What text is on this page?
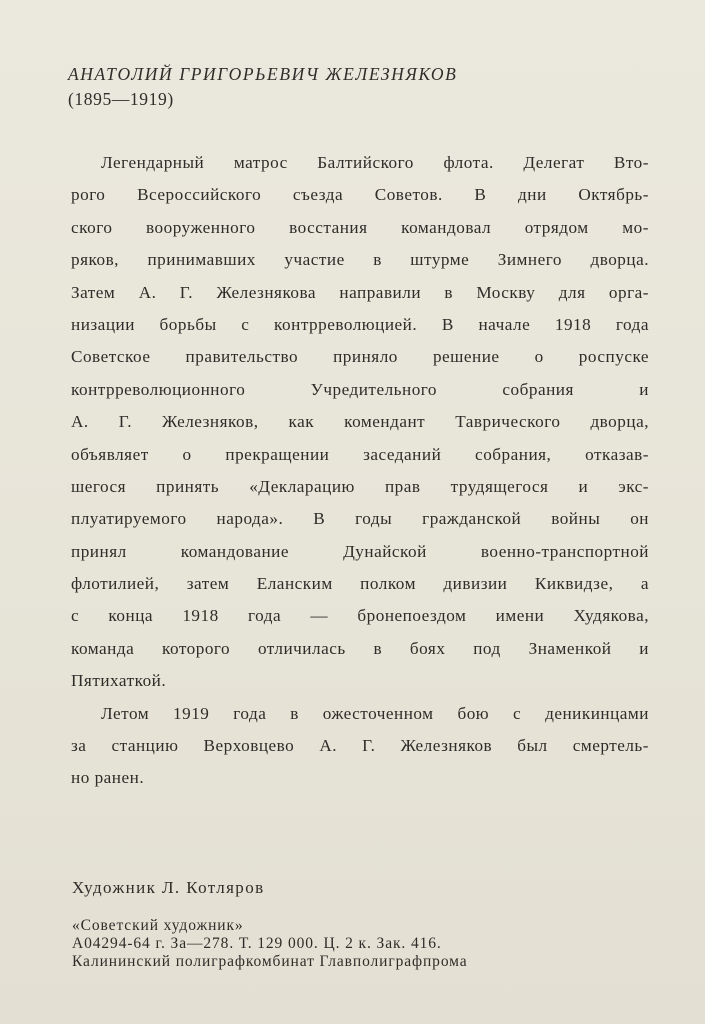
АНАТОЛИЙ ГРИГОРЬЕВИЧ ЖЕЛЕЗНЯКОВ
(1895—1919)
Легендарный матрос Балтийского флота. Делегат Вто-
рого Всероссийского съезда Советов. В дни Октябрь-
ского вооруженного восстания командовал отрядом мо-
ряков, принимавших участие в штурме Зимнего дворца.
Затем А. Г. Железнякова направили в Москву для орга-
низации борьбы с контрреволюцией. В начале 1918 года
Советское правительство приняло решение о роспуске
контрреволюционного Учредительного собрания и
А. Г. Железняков, как комендант Таврического дворца,
объявляет о прекращении заседаний собрания, отказав-
шегося принять «Декларацию прав трудящегося и экс-
плуатируемого народа». В годы гражданской войны он
принял командование Дунайской военно-транспортной
флотилией, затем Еланским полком дивизии Киквидзе, а
с конца 1918 года — бронепоездом имени Худякова,
команда которого отличилась в боях под Знаменкой и
Пятихаткой.
Летом 1919 года в ожесточенном бою с деникинцами
за станцию Верховцево А. Г. Железняков был смертель-
но ранен.
Художник Л. Котляров
«Советский художник»
А04294-64 г. За—278. Т. 129 000. Ц. 2 к. Зак. 416.
Калининский полиграфкомбинат Главполиграфпрома
